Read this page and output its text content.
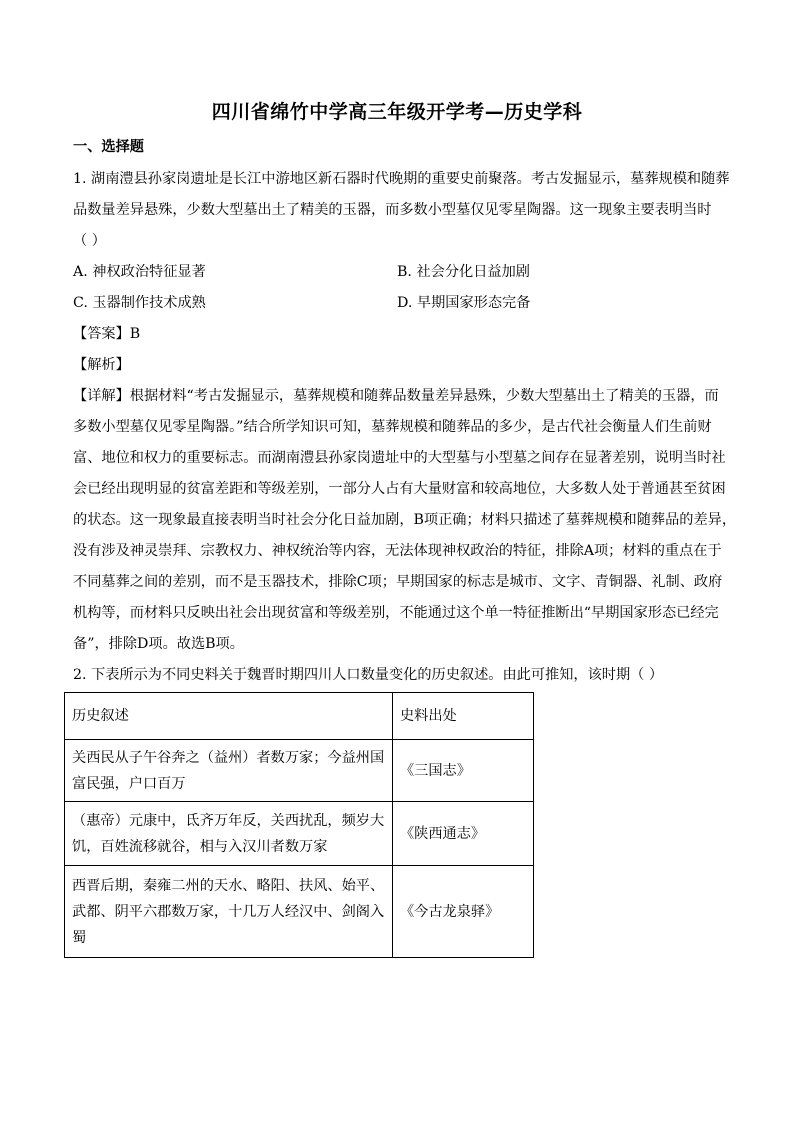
四川省绵竹中学高三年级开学考—历史学科
一、选择题
1. 湖南澧县孙家岗遗址是长江中游地区新石器时代晚期的重要史前聚落。考古发掘显示，墓葬规模和随葬
品数量差异悬殊，少数大型墓出土了精美的玉器，而多数小型墓仅见零星陶器。这一现象主要表明当时
（ ）
A. 神权政治特征显著	B. 社会分化日益加剧
C. 玉器制作技术成熟	D. 早期国家形态完备
【答案】B
【解析】
【详解】根据材料“考古发掘显示，墓葬规模和随葬品数量差异悬殊，少数大型墓出土了精美的玉器，而
多数小型墓仅见零星陶器。”结合所学知识可知，墓葬规模和随葬品的多少，是古代社会衡量人们生前财
富、地位和权力的重要标志。而湖南澧县孙家岗遗址中的大型墓与小型墓之间存在显著差别，说明当时社
会已经出现明显的贫富差距和等级差别，一部分人占有大量财富和较高地位，大多数人处于普通甚至贫困
的状态。这一现象最直接表明当时社会分化日益加剧，B项正确；材料只描述了墓葬规模和随葬品的差异，
没有涉及神灵崇拜、宗教权力、神权统治等内容，无法体现神权政治的特征，排除A项；材料的重点在于
不同墓葬之间的差别，而不是玉器技术，排除C项；早期国家的标志是城市、文字、青铜器、礼制、政府
机构等，而材料只反映出社会出现贫富和等级差别，不能通过这个单一特征推断出“早期国家形态已经完
备”，排除D项。故选B项。
2. 下表所示为不同史料关于魏晋时期四川人口数量变化的历史叙述。由此可推知，该时期（ ）
历史叙述	史料出处

关西民从子午谷奔之（益州）者数万家；今益州国
富民强，户口百万	《三国志》

（惠帝）元康中，氐齐万年反，关西扰乱，频岁大
饥，百姓流移就谷，相与入汉川者数万家	《陕西通志》

西晋后期，秦雍二州的天水、略阳、扶风、始平、
武都、阴平六郡数万家，十几万人经汉中、剑阁入
蜀	《今古龙泉驿》
